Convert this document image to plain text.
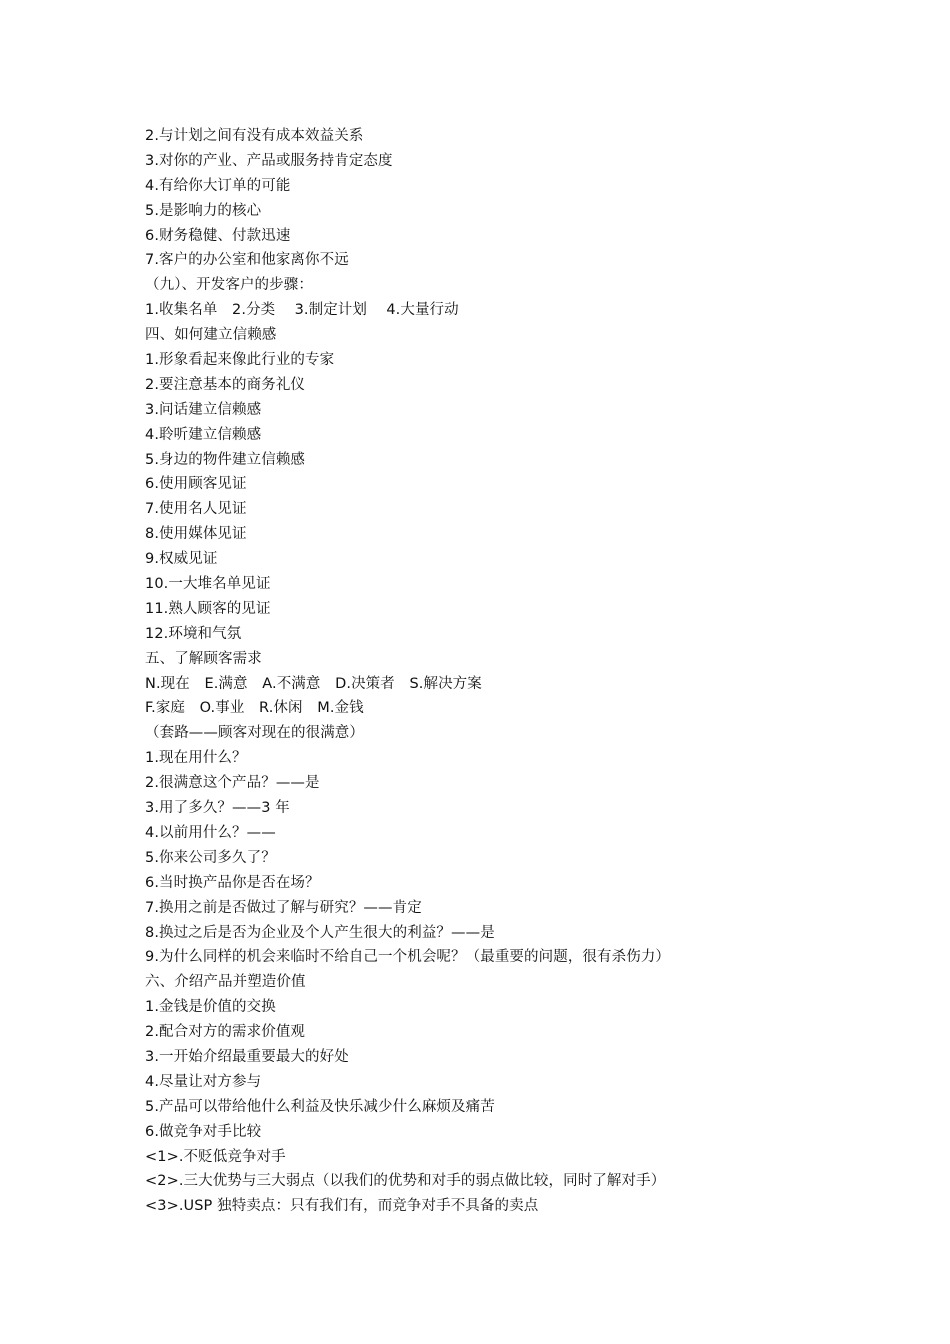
2.与计划之间有没有成本效益关系
3.对你的产业、产品或服务持肯定态度
4.有给你大订单的可能
5.是影响力的核心
6.财务稳健、付款迅速
7.客户的办公室和他家离你不远
（九）、开发客户的步骤：
1.收集名单　2.分类　 3.制定计划　 4.大量行动
四、如何建立信赖感
1.形象看起来像此行业的专家
2.要注意基本的商务礼仪
3.问话建立信赖感
4.聆听建立信赖感
5.身边的物件建立信赖感
6.使用顾客见证
7.使用名人见证
8.使用媒体见证
9.权威见证
10.一大堆名单见证
11.熟人顾客的见证
12.环境和气氛
五、了解顾客需求
N.现在　E.满意　A.不满意　D.决策者　S.解决方案
F.家庭　O.事业　R.休闲　M.金钱
（套路——顾客对现在的很满意）
1.现在用什么？
2.很满意这个产品？——是
3.用了多久？——3 年
4.以前用什么？——
5.你来公司多久了？
6.当时换产品你是否在场？
7.换用之前是否做过了解与研究？——肯定
8.换过之后是否为企业及个人产生很大的利益？——是
9.为什么同样的机会来临时不给自己一个机会呢？（最重要的问题，很有杀伤力）
六、介绍产品并塑造价值
1.金钱是价值的交换
2.配合对方的需求价值观
3.一开始介绍最重要最大的好处
4.尽量让对方参与
5.产品可以带给他什么利益及快乐减少什么麻烦及痛苦
6.做竞争对手比较
<1>.不贬低竞争对手
<2>.三大优势与三大弱点（以我们的优势和对手的弱点做比较，同时了解对手）
<3>.USP 独特卖点：只有我们有，而竞争对手不具备的卖点
